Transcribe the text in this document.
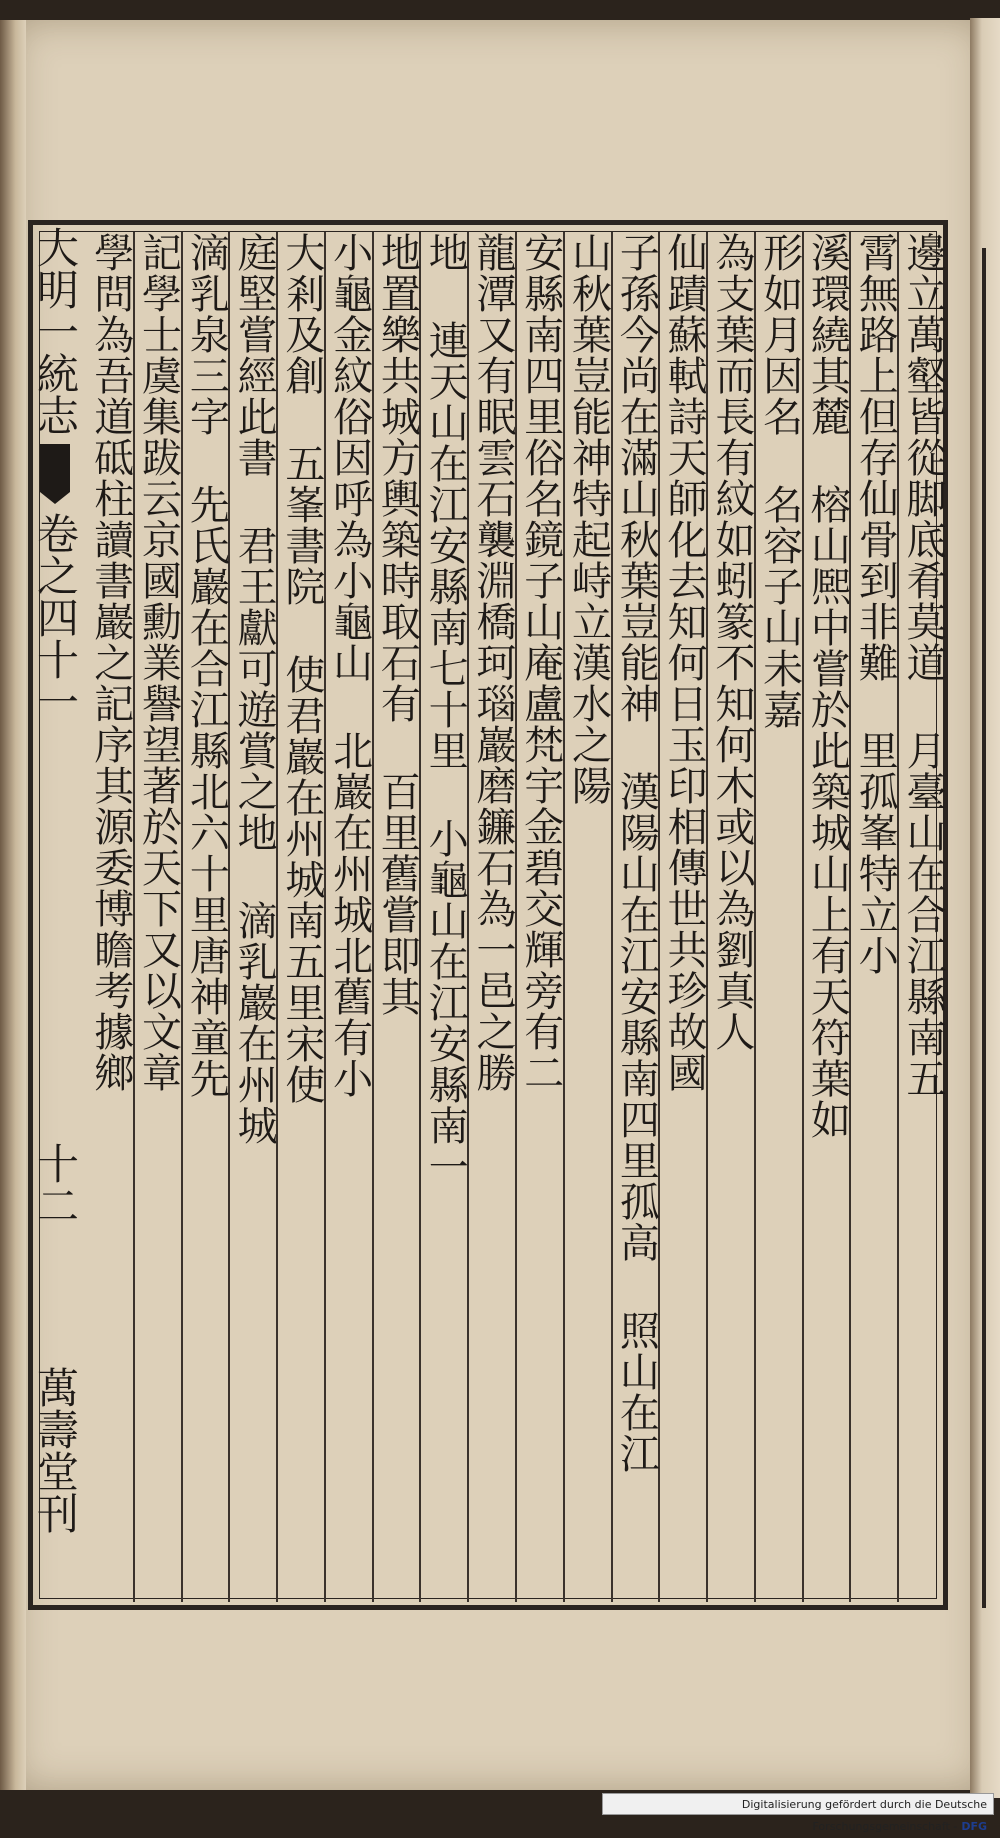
大明一統志卷之四十一十二萬壽堂刊
邊立萬壑皆從脚底肴莫道 月臺山在合江縣南五
霄無路上但存仙骨到非難 里孤峯特立小
溪環繞其麓 榕山熈中嘗於此築城山上有天符葉如
形如月因名 名容子山未嘉
為支葉而長有紋如蚓篆不知何木或以為劉真人
仙蹟蘇軾詩天師化去知何日玉印相傳世共珍故國
子孫今尚在滿山秋葉豈能神 漢陽山在江安縣南四里孤高 照山在江
山秋葉豈能神特起峙立漢水之陽
安縣南四里俗名鏡子山庵盧梵宇金碧交輝旁有二
龍潭又有眠雲石襲淵橋珂瑙巖磨鐮石為一邑之勝
地 連天山在江安縣南七十里 小龜山在江安縣南一
地置樂共城方輿築時取石有 百里舊嘗即其
小龜金紋俗因呼為小龜山 北巖在州城北舊有小
大剎及創 五峯書院 使君巖在州城南五里宋使
庭堅嘗經此書 君王獻可遊賞之地 滴乳巖在州城
滴乳泉三字 先氏巖在合江縣北六十里唐神童先
記學士虞集跋云京國勳業譽望著於天下又以文章
學問為吾道砥柱讀書巖之記序其源委博瞻考據鄉
Digitalisierung gefördert durch die Deutsche Forschungsgemeinschaft - DFG
